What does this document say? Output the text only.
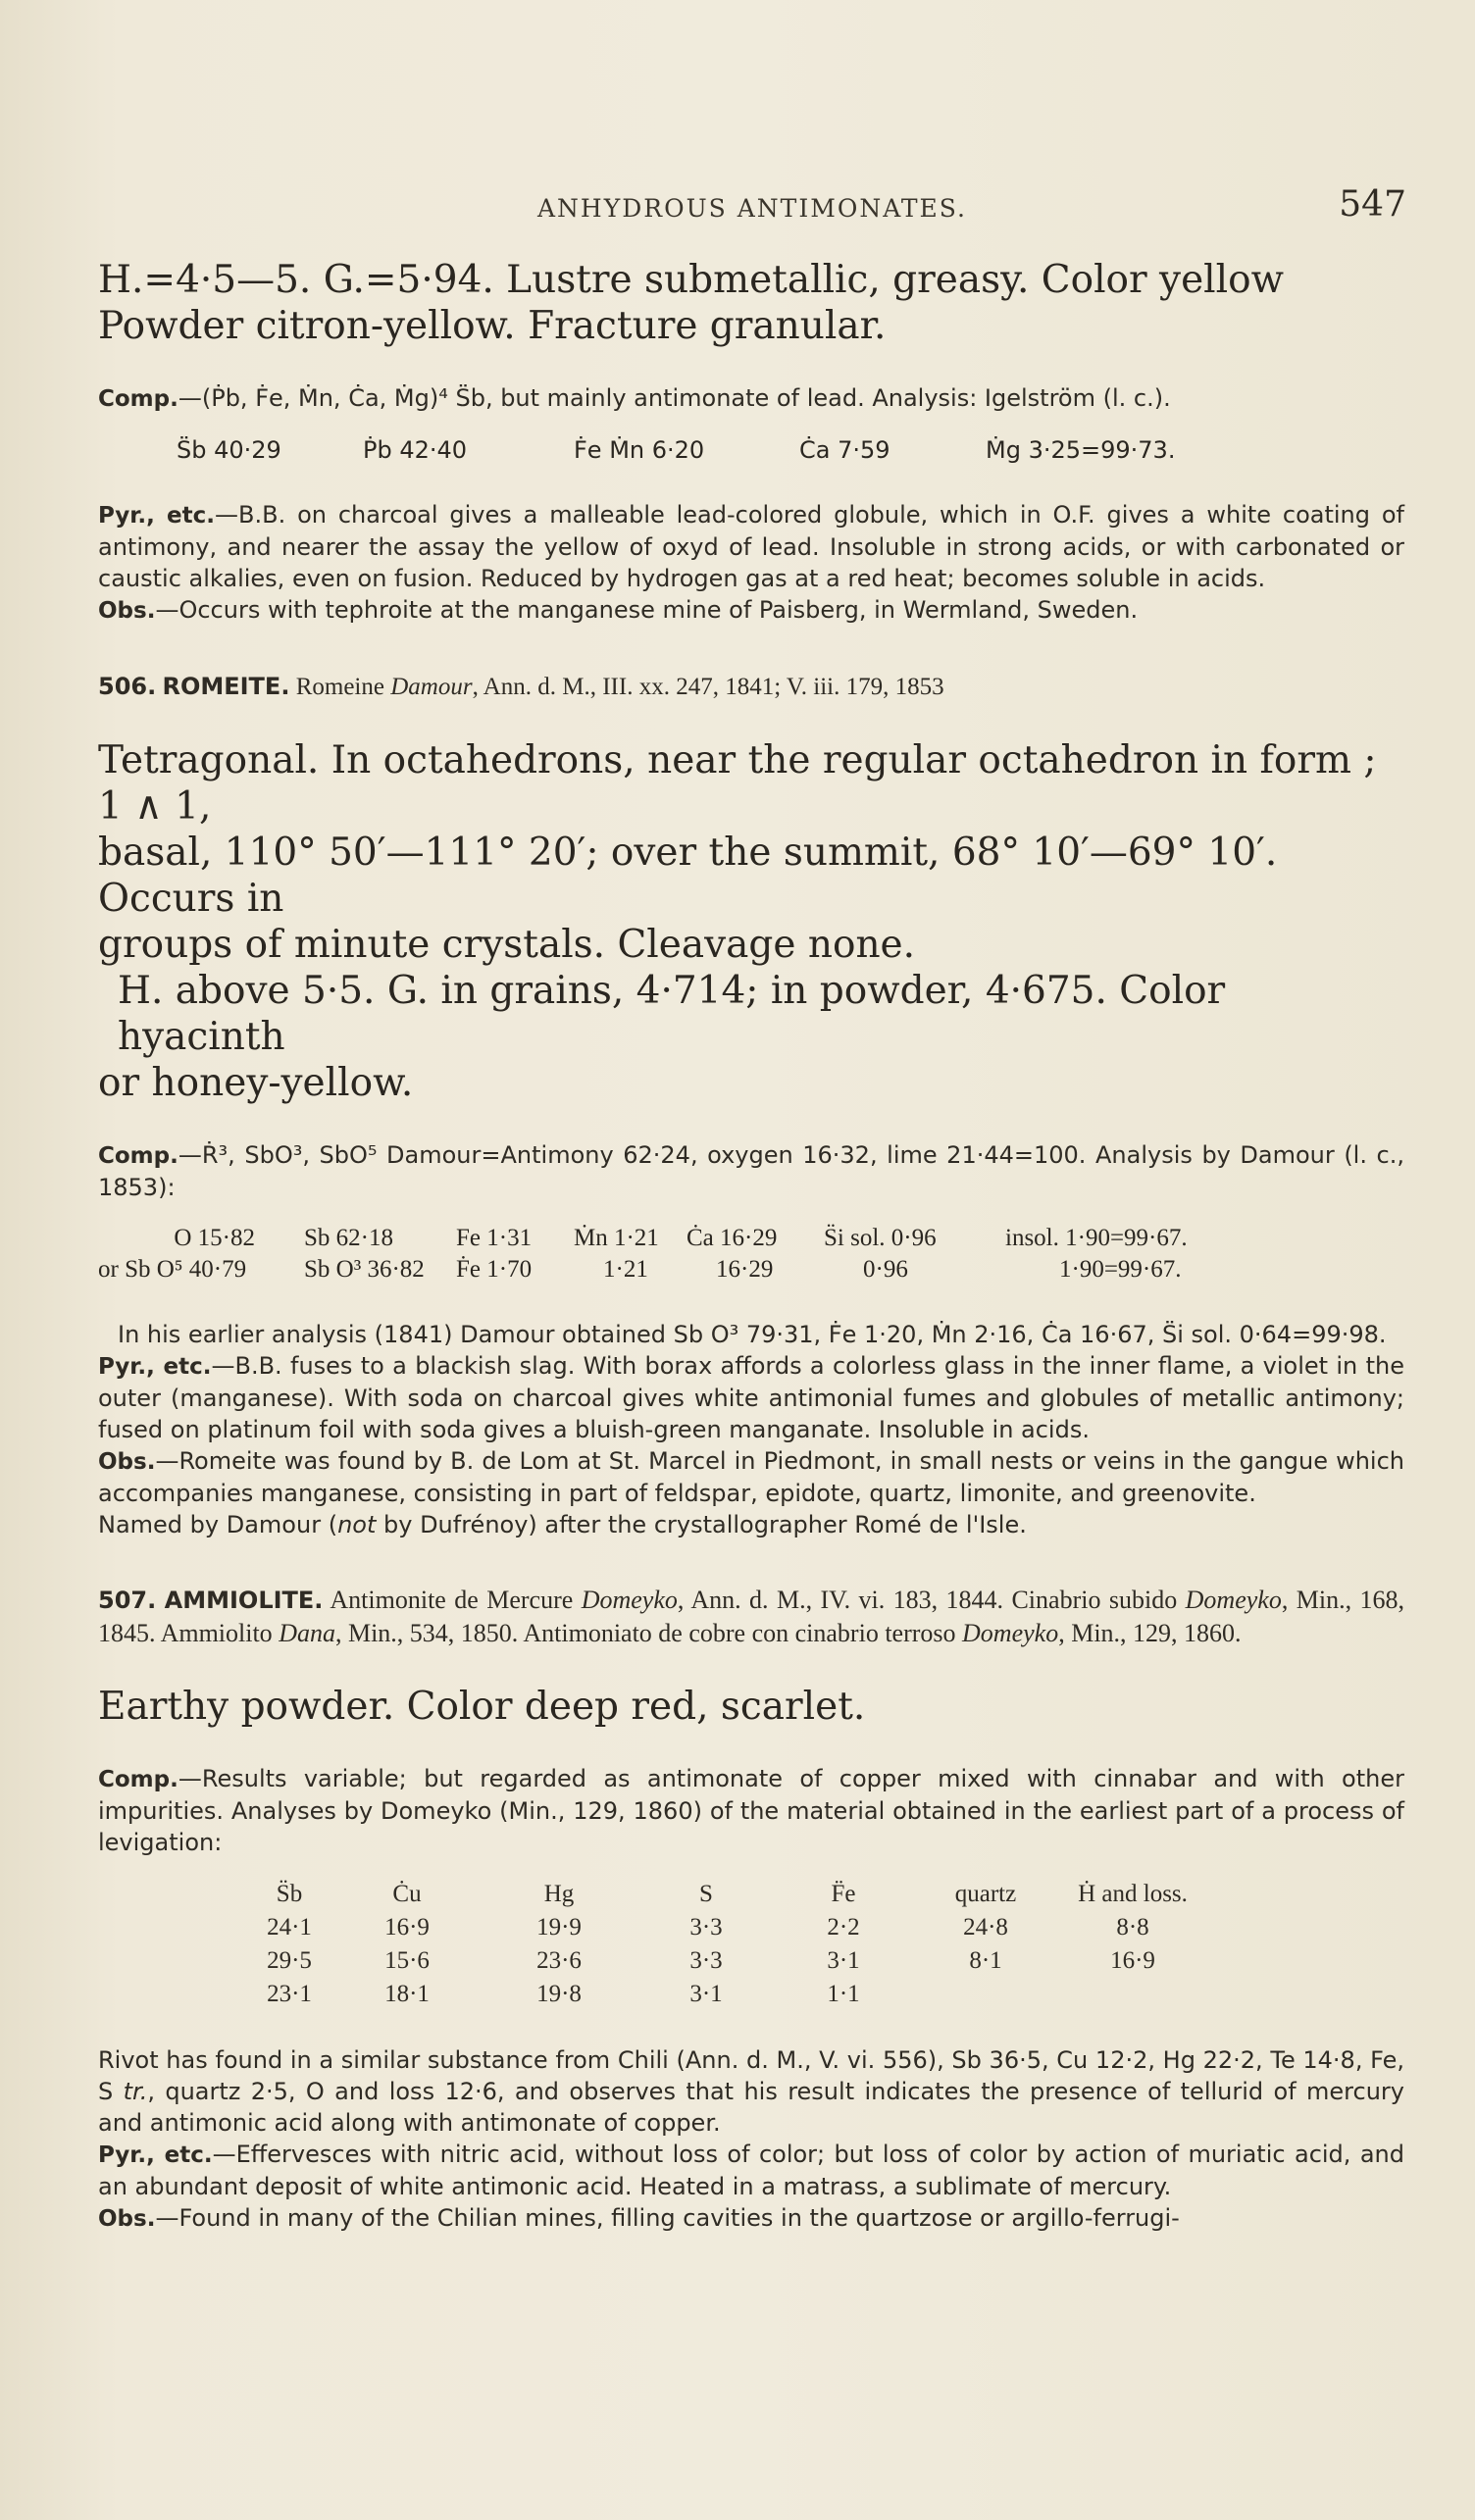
ANHYDROUS ANTIMONATES.	547

H.=4·5—5. G.=5·94. Lustre submetallic, greasy. Color yellow

Powder citron-yellow. Fracture granular.

Comp.—(Ṗb, Ḟe, Ṁn, Ċa, Ṁg)⁴ S̈b, but mainly antimonate of lead. Analysis: Igelström (l. c.).

S̈b 40·29	Ṗb 42·40	Ḟe Ṁn 6·20	Ċa 7·59	Ṁg 3·25=99·73.

Pyr., etc.—B.B. on charcoal gives a malleable lead-colored globule, which in O.F. gives a white coating of antimony, and nearer the assay the yellow of oxyd of lead. Insoluble in strong acids, or with carbonated or caustic alkalies, even on fusion. Reduced by hydrogen gas at a red heat; becomes soluble in acids.

Obs.—Occurs with tephroite at the manganese mine of Paisberg, in Wermland, Sweden.

506. ROMEITE. Romeine Damour, Ann. d. M., III. xx. 247, 1841; V. iii. 179, 1853

Tetragonal. In octahedrons, near the regular octahedron in form ; 1 ∧ 1,

basal, 110° 50′—111° 20′; over the summit, 68° 10′—69° 10′. Occurs in

groups of minute crystals. Cleavage none.

H. above 5·5. G. in grains, 4·714; in powder, 4·675. Color hyacinth

or honey-yellow.

Comp.—Ṙ³, SbO³, SbO⁵ Damour=Antimony 62·24, oxygen 16·32, lime 21·44=100. Analysis by Damour (l. c., 1853):

O 15·82	Sb 62·18	Fe 1·31	Ṁn 1·21	Ċa 16·29	S̈i sol. 0·96	insol. 1·90=99·67.
or Sb O⁵ 40·79	Sb O³ 36·82	Ḟe 1·70	1·21	16·29	0·96	1·90=99·67.

In his earlier analysis (1841) Damour obtained Sb O³ 79·31, Ḟe 1·20, Ṁn 2·16, Ċa 16·67, S̈i sol. 0·64=99·98.

Pyr., etc.—B.B. fuses to a blackish slag. With borax affords a colorless glass in the inner flame, a violet in the outer (manganese). With soda on charcoal gives white antimonial fumes and globules of metallic antimony; fused on platinum foil with soda gives a bluish-green manganate. Insoluble in acids.

Obs.—Romeite was found by B. de Lom at St. Marcel in Piedmont, in small nests or veins in the gangue which accompanies manganese, consisting in part of feldspar, epidote, quartz, limonite, and greenovite.

Named by Damour (not by Dufrénoy) after the crystallographer Romé de l'Isle.

507. AMMIOLITE. Antimonite de Mercure Domeyko, Ann. d. M., IV. vi. 183, 1844. Cinabrio subido Domeyko, Min., 168, 1845. Ammiolito Dana, Min., 534, 1850. Antimoniato de cobre con cinabrio terroso Domeyko, Min., 129, 1860.

Earthy powder. Color deep red, scarlet.

Comp.—Results variable; but regarded as antimonate of copper mixed with cinnabar and with other impurities. Analyses by Domeyko (Min., 129, 1860) of the material obtained in the earliest part of a process of levigation:

S̈b	Ċu	Hg	S	F̈e	quartz	Ḣ and loss.
24·1	16·9	19·9	3·3	2·2	24·8	8·8
29·5	15·6	23·6	3·3	3·1	8·1	16·9
23·1	18·1	19·8	3·1	1·1		

Rivot has found in a similar substance from Chili (Ann. d. M., V. vi. 556), Sb 36·5, Cu 12·2, Hg 22·2, Te 14·8, Fe, S tr., quartz 2·5, O and loss 12·6, and observes that his result indicates the presence of tellurid of mercury and antimonic acid along with antimonate of copper.

Pyr., etc.—Effervesces with nitric acid, without loss of color; but loss of color by action of muriatic acid, and an abundant deposit of white antimonic acid. Heated in a matrass, a sublimate of mercury.

Obs.—Found in many of the Chilian mines, filling cavities in the quartzose or argillo-ferrugi-
